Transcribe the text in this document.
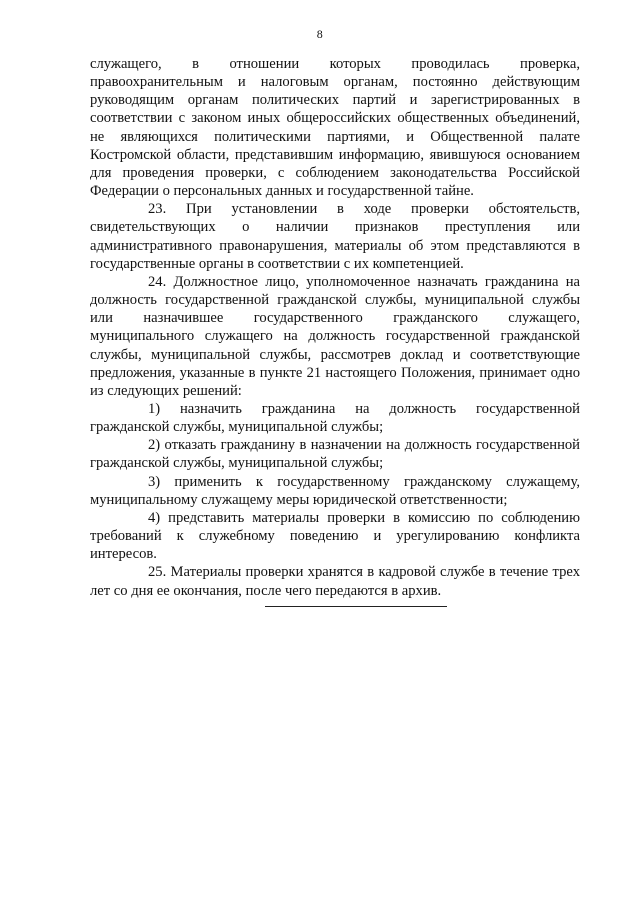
8

служащего, в отношении которых проводилась проверка, правоохранительным и налоговым органам, постоянно действующим руководящим органам политических партий и зарегистрированных в соответствии с законом иных общероссийских общественных объединений, не являющихся политическими партиями, и Общественной палате Костромской области, представившим информацию, явившуюся основанием для проведения проверки, с соблюдением законодательства Российской Федерации о персональных данных и государственной тайне.

23. При установлении в ходе проверки обстоятельств, свидетельствующих о наличии признаков преступления или административного правонарушения, материалы об этом представляются в государственные органы в соответствии с их компетенцией.

24. Должностное лицо, уполномоченное назначать гражданина на должность государственной гражданской службы, муниципальной службы или назначившее государственного гражданского служащего, муниципального служащего на должность государственной гражданской службы, муниципальной службы, рассмотрев доклад и соответствующие предложения, указанные в пункте 21 настоящего Положения, принимает одно из следующих решений:

1) назначить гражданина на должность государственной гражданской службы, муниципальной службы;

2) отказать гражданину в назначении на должность государственной гражданской службы, муниципальной службы;

3) применить к государственному гражданскому служащему, муниципальному служащему меры юридической ответственности;

4) представить материалы проверки в комиссию по соблюдению требований к служебному поведению и урегулированию конфликта интересов.

25. Материалы проверки хранятся в кадровой службе в течение трех лет со дня ее окончания, после чего передаются в архив.
